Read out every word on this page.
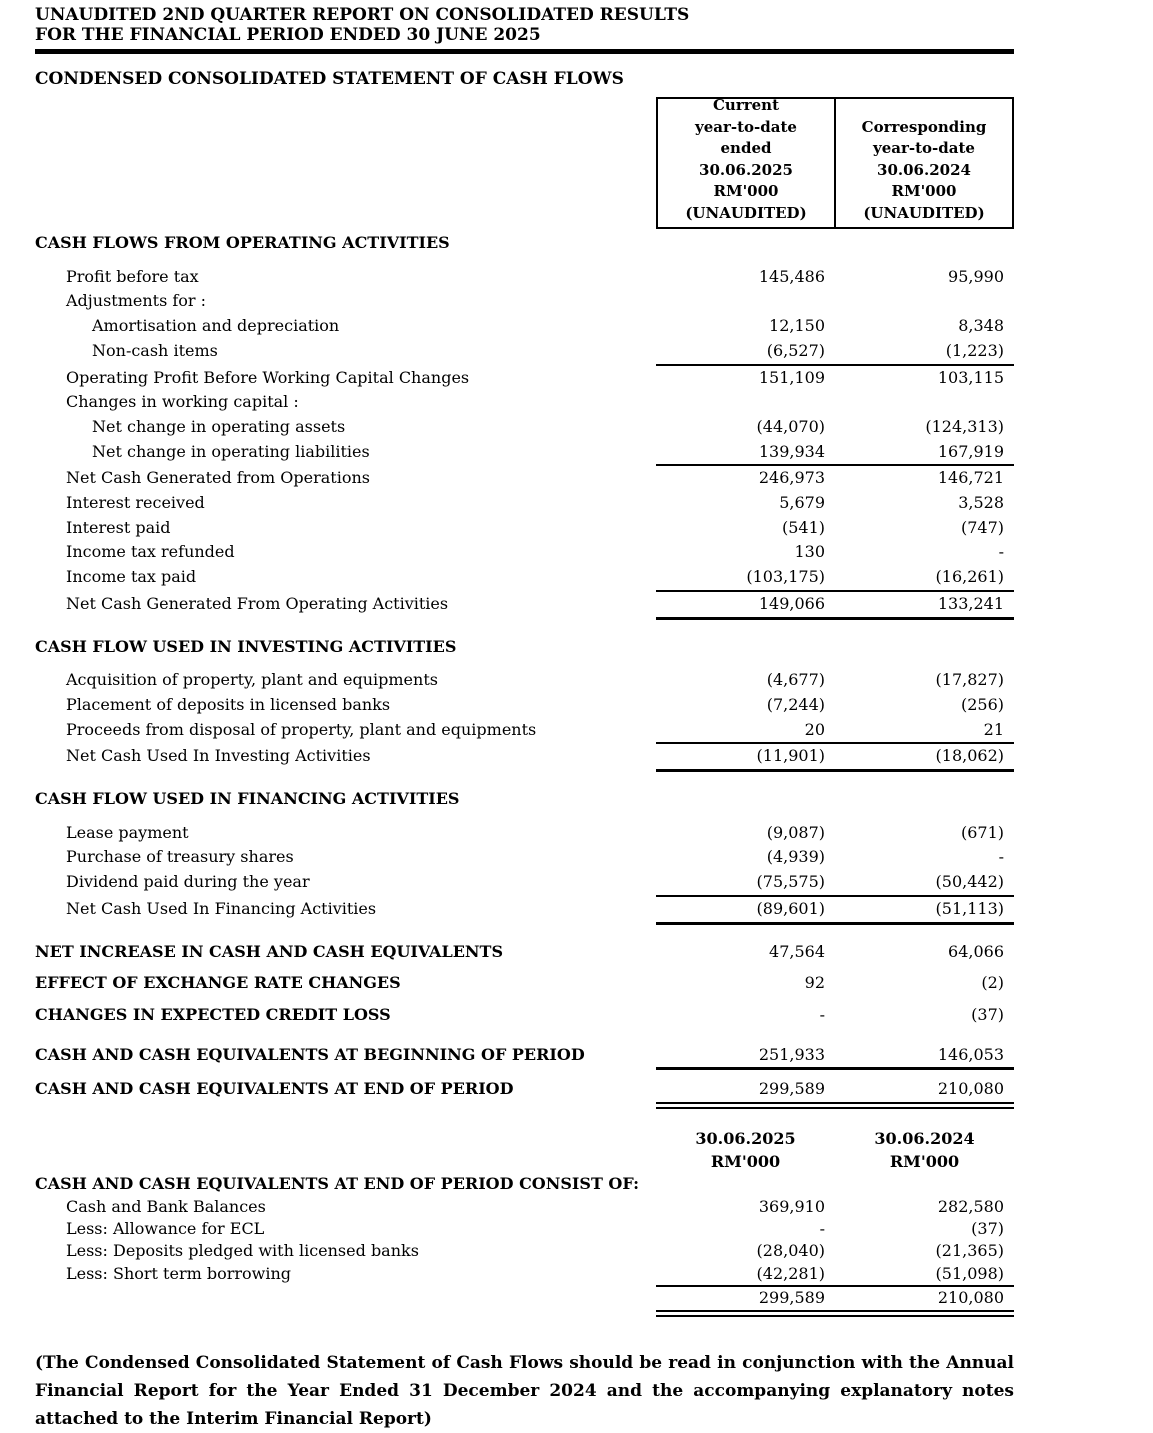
UNAUDITED 2ND QUARTER REPORT ON CONSOLIDATED RESULTS
FOR THE FINANCIAL PERIOD ENDED 30 JUNE 2025
CONDENSED CONSOLIDATED STATEMENT OF CASH FLOWS
Current
year-to-date
ended
30.06.2025
RM'000
(UNAUDITED)
Corresponding
year-to-date
30.06.2024
RM'000
(UNAUDITED)
CASH FLOWS FROM OPERATING ACTIVITIES
Profit before tax	145,486	95,990
Adjustments for :
Amortisation and depreciation	12,150	8,348
Non-cash items	(6,527)	(1,223)
Operating Profit Before Working Capital Changes	151,109	103,115
Changes in working capital :
Net change in operating assets	(44,070)	(124,313)
Net change in operating liabilities	139,934	167,919
Net Cash Generated from Operations	246,973	146,721
Interest received	5,679	3,528
Interest paid	(541)	(747)
Income tax refunded	130	-
Income tax paid	(103,175)	(16,261)
Net Cash Generated From Operating Activities	149,066	133,241
CASH FLOW USED IN INVESTING ACTIVITIES
Acquisition of property, plant and equipments	(4,677)	(17,827)
Placement of deposits in licensed banks	(7,244)	(256)
Proceeds from disposal of property, plant and equipments	20	21
Net Cash Used In Investing Activities	(11,901)	(18,062)
CASH FLOW USED IN FINANCING ACTIVITIES
Lease payment	(9,087)	(671)
Purchase of treasury shares	(4,939)	-
Dividend paid during the year	(75,575)	(50,442)
Net Cash Used In Financing Activities	(89,601)	(51,113)
NET INCREASE IN CASH AND CASH EQUIVALENTS	47,564	64,066
EFFECT OF EXCHANGE RATE CHANGES	92	(2)
CHANGES IN EXPECTED CREDIT LOSS	-	(37)
CASH AND CASH EQUIVALENTS AT BEGINNING OF PERIOD	251,933	146,053
CASH AND CASH EQUIVALENTS AT END OF PERIOD	299,589	210,080
30.06.2025
RM'000
30.06.2024
RM'000
CASH AND CASH EQUIVALENTS AT END OF PERIOD CONSIST OF:
Cash and Bank Balances	369,910	282,580
Less: Allowance for ECL	-	(37)
Less: Deposits pledged with licensed banks	(28,040)	(21,365)
Less: Short term borrowing	(42,281)	(51,098)
299,589	210,080
(The Condensed Consolidated Statement of Cash Flows should be read in conjunction with the Annual Financial Report for the Year Ended 31 December 2024 and the accompanying explanatory notes attached to the Interim Financial Report)
